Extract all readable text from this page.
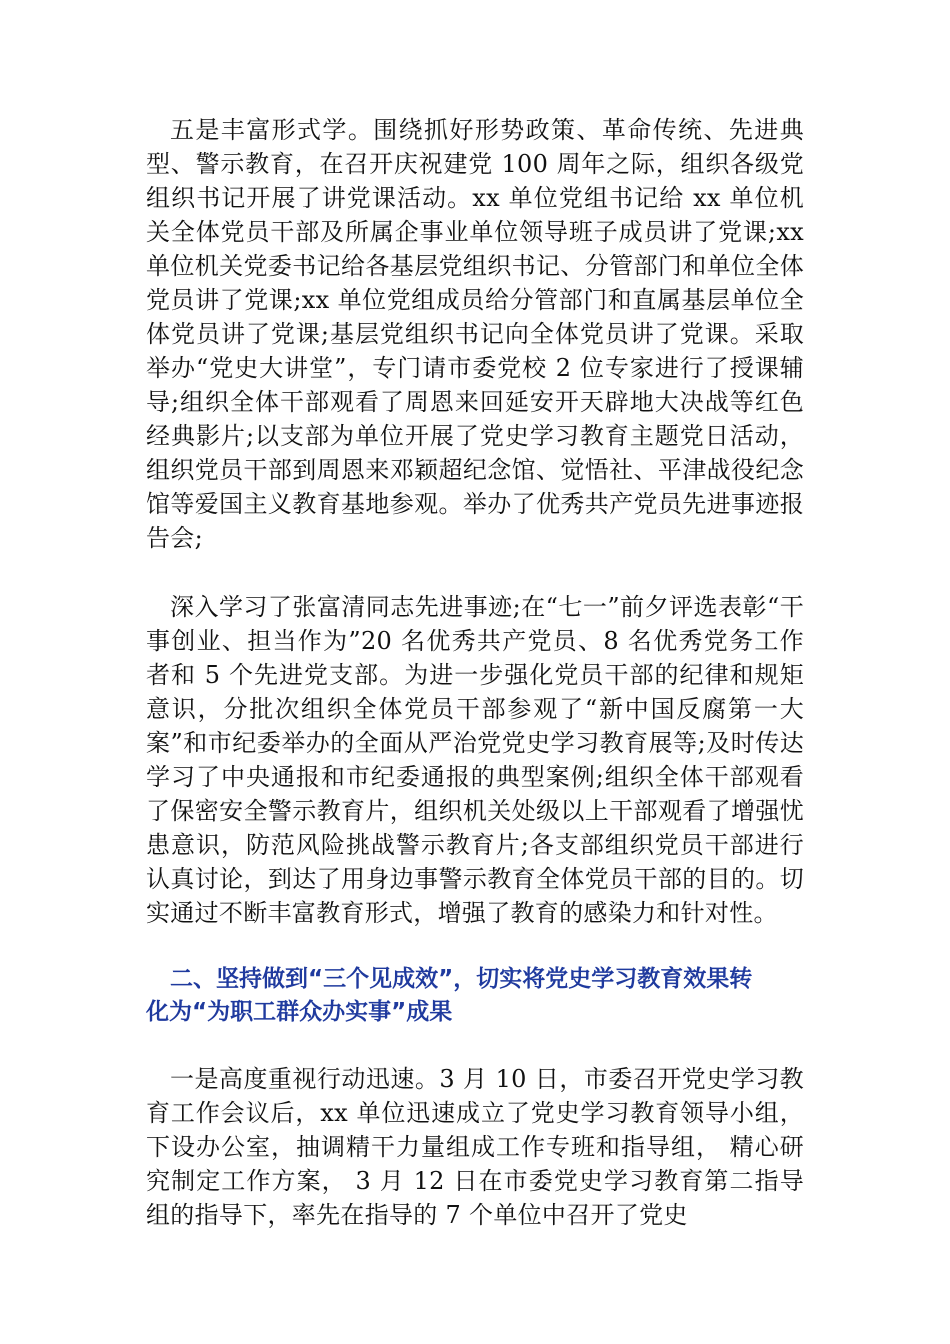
五是丰富形式学。围绕抓好形势政策、革命传统、先进典型、警示教育，在召开庆祝建党 100 周年之际，组织各级党组织书记开展了讲党课活动。xx 单位党组书记给 xx 单位机关全体党员干部及所属企事业单位领导班子成员讲了党课;xx 单位机关党委书记给各基层党组织书记、分管部门和单位全体党员讲了党课;xx 单位党组成员给分管部门和直属基层单位全体党员讲了党课;基层党组织书记向全体党员讲了党课。采取举办“党史大讲堂”，专门请市委党校 2 位专家进行了授课辅导;组织全体干部观看了周恩来回延安开天辟地大决战等红色经典影片;以支部为单位开展了党史学习教育主题党日活动，组织党员干部到周恩来邓颖超纪念馆、觉悟社、平津战役纪念馆等爱国主义教育基地参观。举办了优秀共产党员先进事迹报告会;

深入学习了张富清同志先进事迹;在“七一”前夕评选表彰“干事创业、担当作为”20 名优秀共产党员、8 名优秀党务工作者和 5 个先进党支部。为进一步强化党员干部的纪律和规矩意识，分批次组织全体党员干部参观了“新中国反腐第一大案”和市纪委举办的全面从严治党党史学习教育展等;及时传达学习了中央通报和市纪委通报的典型案例;组织全体干部观看了保密安全警示教育片，组织机关处级以上干部观看了增强忧患意识，防范风险挑战警示教育片;各支部组织党员干部进行认真讨论，到达了用身边事警示教育全体党员干部的目的。切实通过不断丰富教育形式，增强了教育的感染力和针对性。

二、坚持做到“三个见成效”，切实将党史学习教育效果转化为“为职工群众办实事”成果

一是高度重视行动迅速。3 月 10 日，市委召开党史学习教育工作会议后，xx 单位迅速成立了党史学习教育领导小组，下设办公室，抽调精干力量组成工作专班和指导组， 精心研究制定工作方案， 3 月 12 日在市委党史学习教育第二指导组的指导下，率先在指导的 7 个单位中召开了党史
